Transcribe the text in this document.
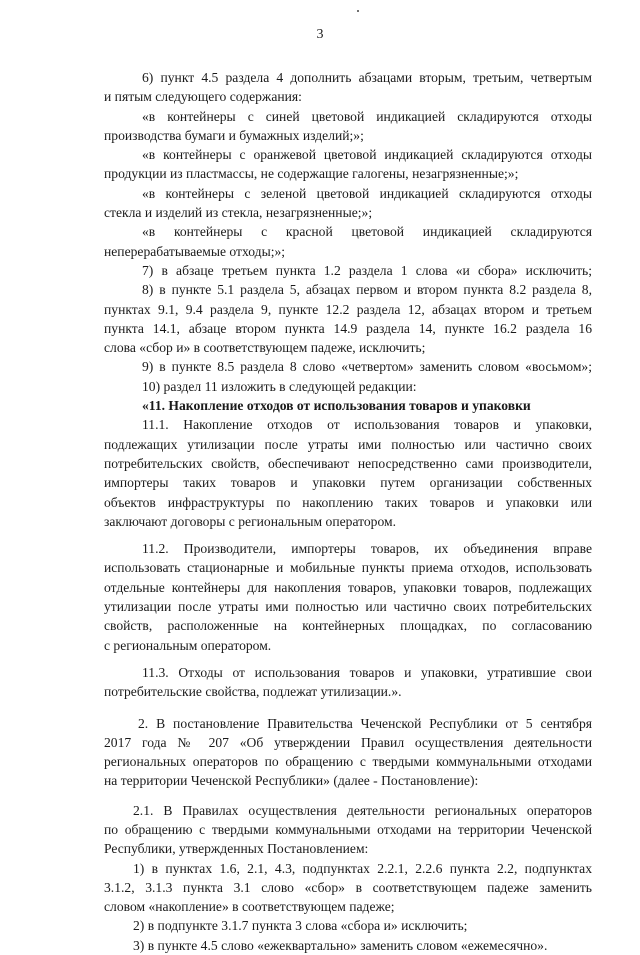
3
6) пункт 4.5 раздела 4 дополнить абзацами вторым, третьим, четвертым
и пятым следующего содержания:
«в контейнеры с синей цветовой индикацией складируются отходы
производства бумаги и бумажных изделий;»;
«в контейнеры с оранжевой цветовой индикацией складируются отходы
продукции из пластмассы, не содержащие галогены, незагрязненные;»;
«в контейнеры с зеленой цветовой индикацией складируются отходы
стекла и изделий из стекла, незагрязненные;»;
«в контейнеры с красной цветовой индикацией складируются
неперерабатываемые отходы;»;
7) в абзаце третьем пункта 1.2 раздела 1 слова «и сбора» исключить;
8) в пункте 5.1 раздела 5, абзацах первом и втором пункта 8.2 раздела 8,
пунктах 9.1, 9.4 раздела 9, пункте 12.2 раздела 12, абзацах втором и третьем
пункта 14.1, абзаце втором пункта 14.9 раздела 14, пункте 16.2 раздела 16
слова «сбор и» в соответствующем падеже, исключить;
9) в пункте 8.5 раздела 8 слово «четвертом» заменить словом «восьмом»;
10) раздел 11 изложить в следующей редакции:
«11. Накопление отходов от использования товаров и упаковки
11.1. Накопление отходов от использования товаров и упаковки,
подлежащих утилизации после утраты ими полностью или частично своих
потребительских свойств, обеспечивают непосредственно сами производители,
импортеры таких товаров и упаковки путем организации собственных
объектов инфраструктуры по накоплению таких товаров и упаковки или
заключают договоры с региональным оператором.
11.2. Производители, импортеры товаров, их объединения вправе
использовать стационарные и мобильные пункты приема отходов, использовать
отдельные контейнеры для накопления товаров, упаковки товаров, подлежащих
утилизации после утраты ими полностью или частично своих потребительских
свойств, расположенные на контейнерных площадках, по согласованию
с региональным оператором.
11.3. Отходы от использования товаров и упаковки, утратившие свои
потребительские свойства, подлежат утилизации.».
2. В постановление Правительства Чеченской Республики от 5 сентября
2017 года № 207 «Об утверждении Правил осуществления деятельности
региональных операторов по обращению с твердыми коммунальными отходами
на территории Чеченской Республики» (далее - Постановление):
2.1. В Правилах осуществления деятельности региональных операторов
по обращению с твердыми коммунальными отходами на территории Чеченской
Республики, утвержденных Постановлением:
1) в пунктах 1.6, 2.1, 4.3, подпунктах 2.2.1, 2.2.6 пункта 2.2, подпунктах
3.1.2, 3.1.3 пункта 3.1 слово «сбор» в соответствующем падеже заменить
словом «накопление» в соответствующем падеже;
2) в подпункте 3.1.7 пункта 3 слова «сбора и» исключить;
3) в пункте 4.5 слово «ежеквартально» заменить словом «ежемесячно».
